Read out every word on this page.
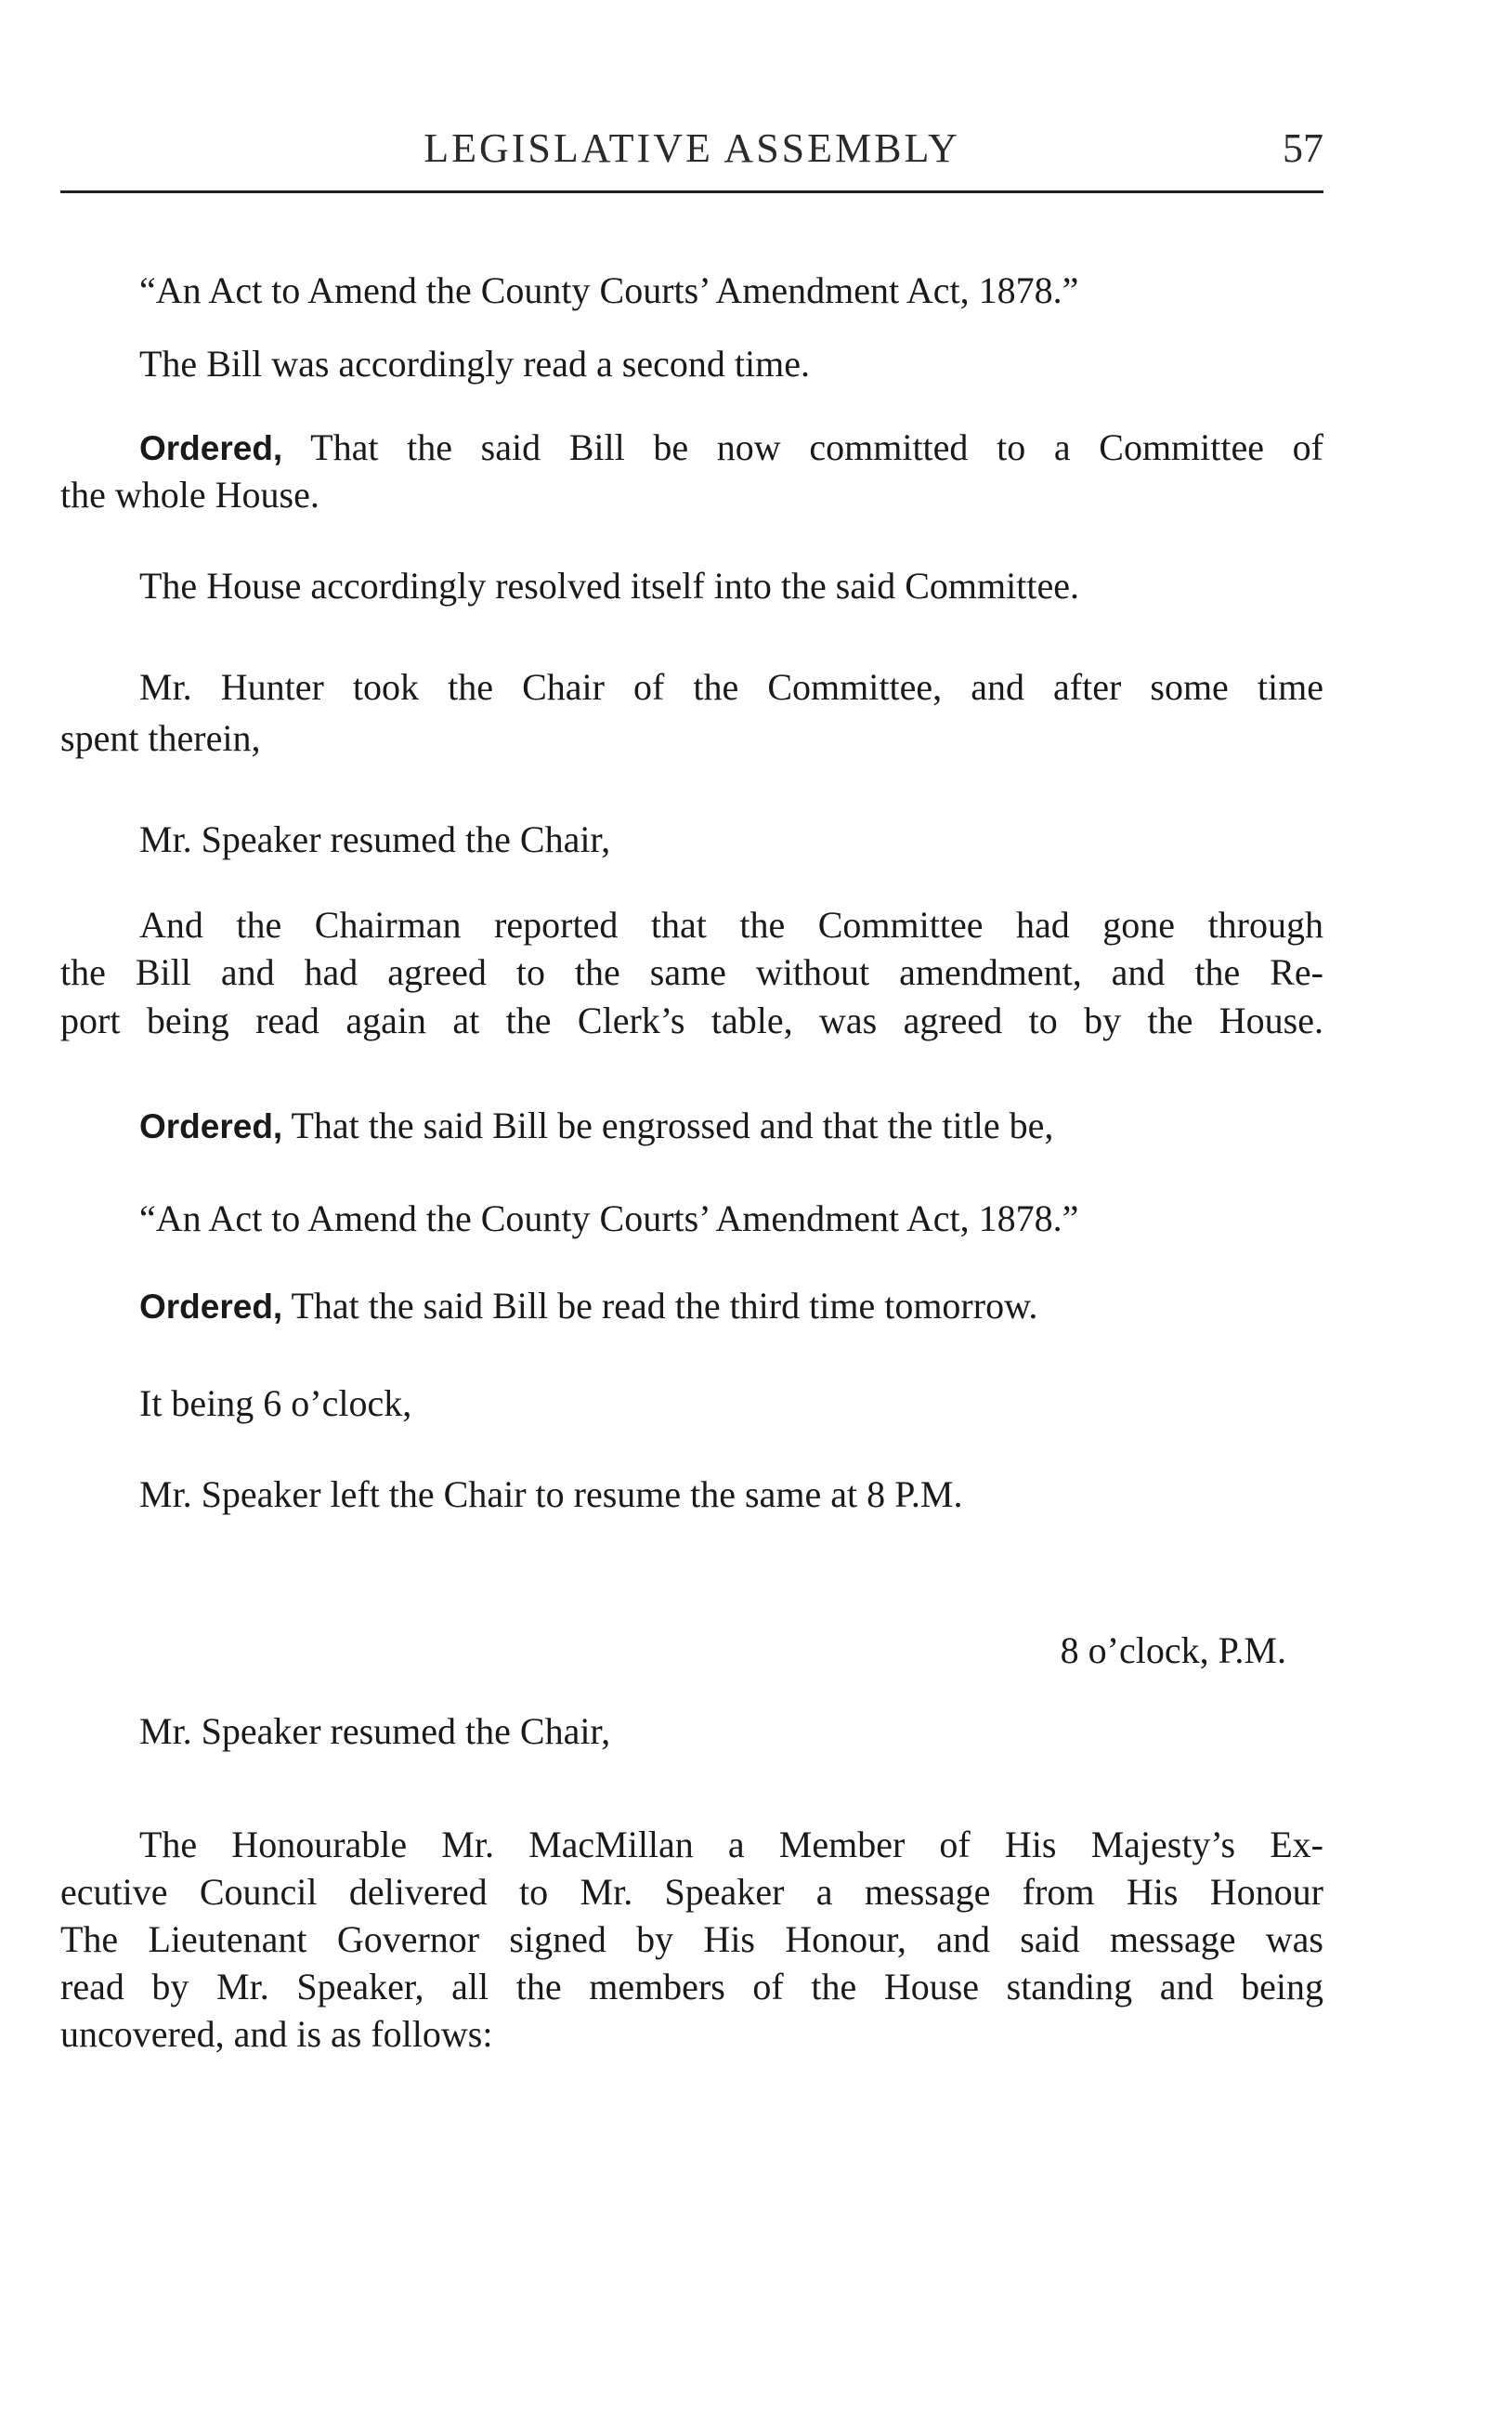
LEGISLATIVE ASSEMBLY	57

“An Act to Amend the County Courts’ Amendment Act, 1878.”

The Bill was accordingly read a second time.

Ordered, That the said Bill be now committed to a Committee of

the whole House.

The House accordingly resolved itself into the said Committee.

Mr. Hunter took the Chair of the Committee, and after some time

spent therein,

Mr. Speaker resumed the Chair,

And the Chairman reported that the Committee had gone through

the Bill and had agreed to the same without amendment, and the Re-

port being read again at the Clerk’s table, was agreed to by the House.

Ordered, That the said Bill be engrossed and that the title be,

“An Act to Amend the County Courts’ Amendment Act, 1878.”

Ordered, That the said Bill be read the third time tomorrow.

It being 6 o’clock,

Mr. Speaker left the Chair to resume the same at 8 P.M.

8 o’clock, P.M.

Mr. Speaker resumed the Chair,

The Honourable Mr. MacMillan a Member of His Majesty’s Ex-

ecutive Council delivered to Mr. Speaker a message from His Honour

The Lieutenant Governor signed by His Honour, and said message was

read by Mr. Speaker, all the members of the House standing and being

uncovered, and is as follows:
